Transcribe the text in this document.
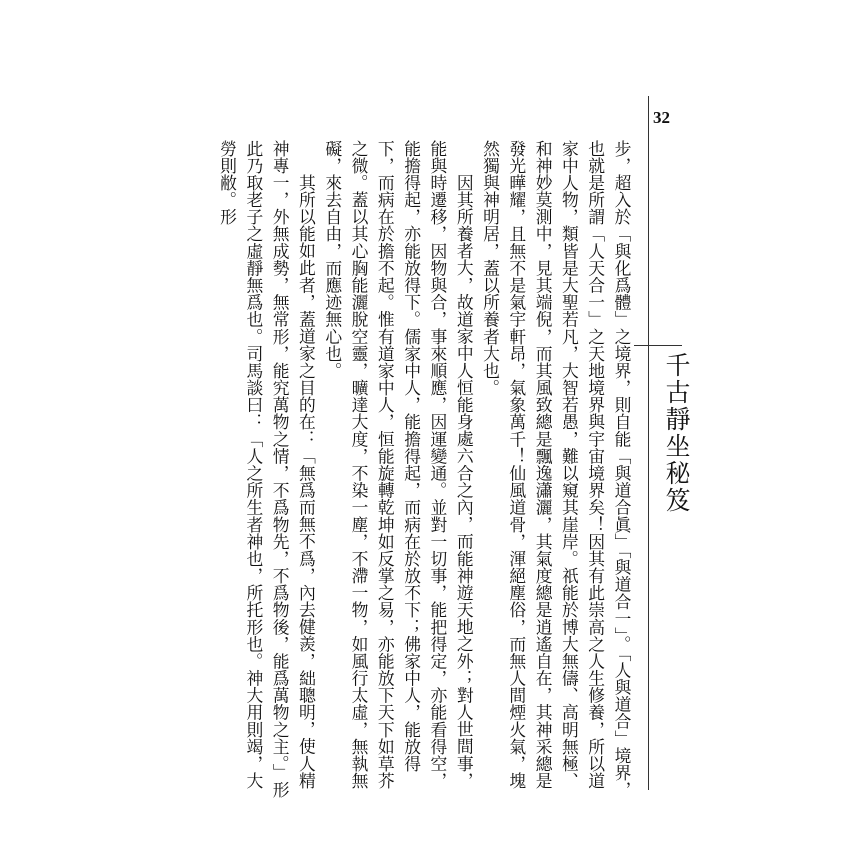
32
千古靜坐秘笈

步，超入於「與化爲體」之境界，則自能「與道合眞」「與道合一」。「人與道合」境界，也就是所謂「人天合一」之天地境界與宇宙境界矣！因其有此崇高之人生修養，所以道家中人物，類皆是大聖若凡，大智若愚，難以窺其崖岸。祇能於博大無儔、高明無極、和神妙莫測中，見其端倪，而其風致總是飄逸瀟灑，其氣度總是逍遙自在，其神采總是發光曄耀，且無不是氣宇軒昂，氣象萬千！仙風道骨，渾絕塵俗，而無人間煙火氣，塊然獨與神明居，蓋以所養者大也。

因其所養者大，故道家中人恒能身處六合之內，而能神遊天地之外；對人世間事，能與時遷移，因物與合，事來順應，因運變通。並對一切事，能把得定，亦能看得空，能擔得起，亦能放得下。儒家中人，能擔得起，而病在於放不下；佛家中人，能放得下，而病在於擔不起。惟有道家中人，恒能旋轉乾坤如反掌之易，亦能放下天下如草芥之微。蓋以其心胸能灑脫空靈，曠達大度，不染一塵，不滯一物，如風行太虛，無執無礙，來去自由，而應迹無心也。

其所以能如此者，蓋道家之目的在：「無爲而無不爲，內去健羨，絀聰明，使人精神專一，外無成勢，無常形，能究萬物之情，不爲物先，不爲物後，能爲萬物之主。」形此乃取老子之虛靜無爲也。司馬談曰：「人之所生者神也，所托形也。神大用則竭，大勞則敝。形
